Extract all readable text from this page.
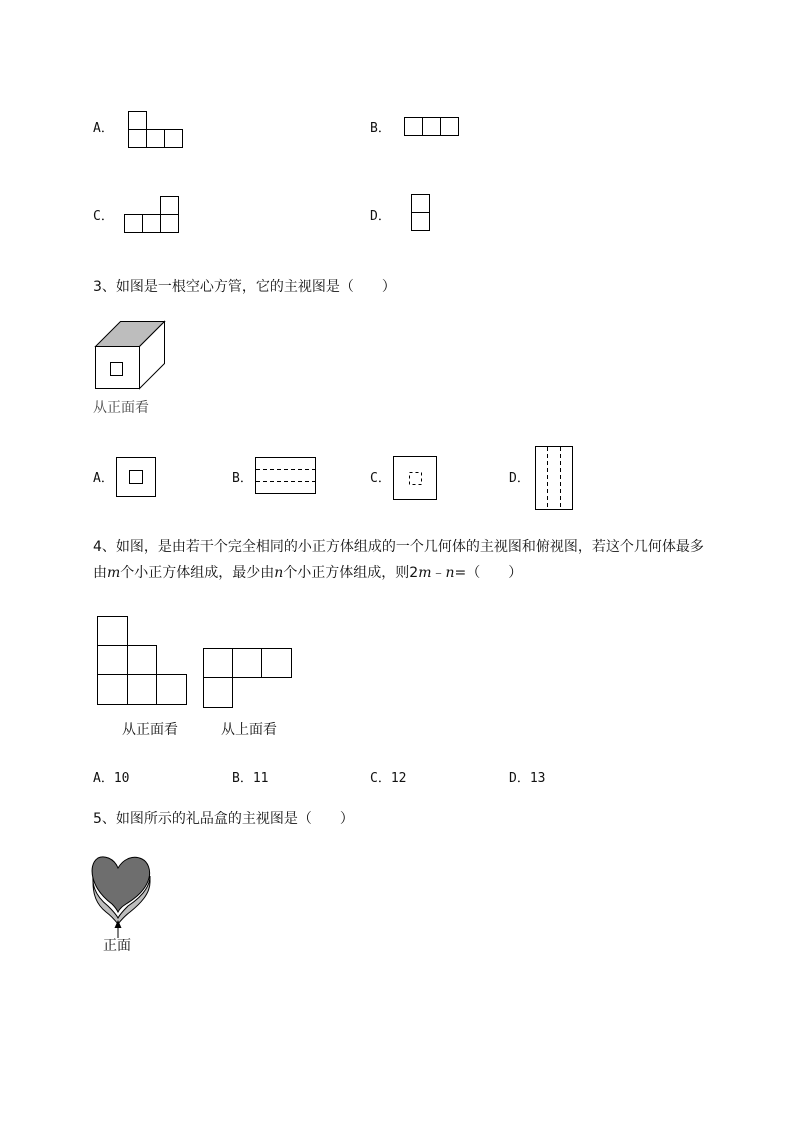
A．	B．
C．	D．
3、如图是一根空心方管，它的主视图是（　　）
从正面看
A．	B．	C．	D．
4、如图，是由若干个完全相同的小正方体组成的一个几何体的主视图和俯视图，若这个几何体最多
由m个小正方体组成，最少由n个小正方体组成，则2m﹣n=（　　）
从正面看	从上面看
A．10	B．11	C．12	D．13
5、如图所示的礼品盒的主视图是（　　）
正面
